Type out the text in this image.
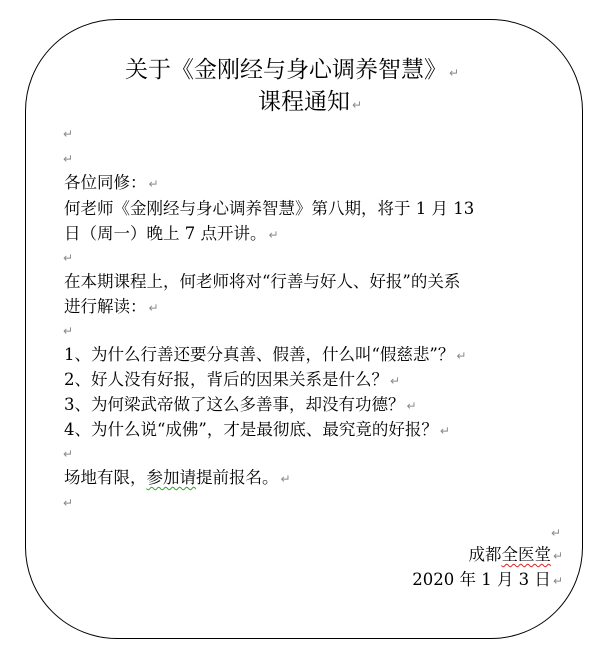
关于《金刚经与身心调养智慧》 ↵
课程通知 ↵
↵
↵
各位同修： ↵
何老师《金刚经与身心调养智慧》第八期，将于 1 月 13
日（周一）晚上 7 点开讲。 ↵
↵
在本期课程上，何老师将对“行善与好人、好报”的关系
进行解读： ↵
↵
1、为什么行善还要分真善、假善，什么叫“假慈悲”？ ↵
2、好人没有好报，背后的因果关系是什么？ ↵
3、为何梁武帝做了这么多善事，却没有功德？ ↵
4、为什么说“成佛”，才是最彻底、最究竟的好报？ ↵
↵
场地有限，参加请提前报名。 ↵
↵
↵
成都全医堂 ↵
2020 年 1 月 3 日 ↵
